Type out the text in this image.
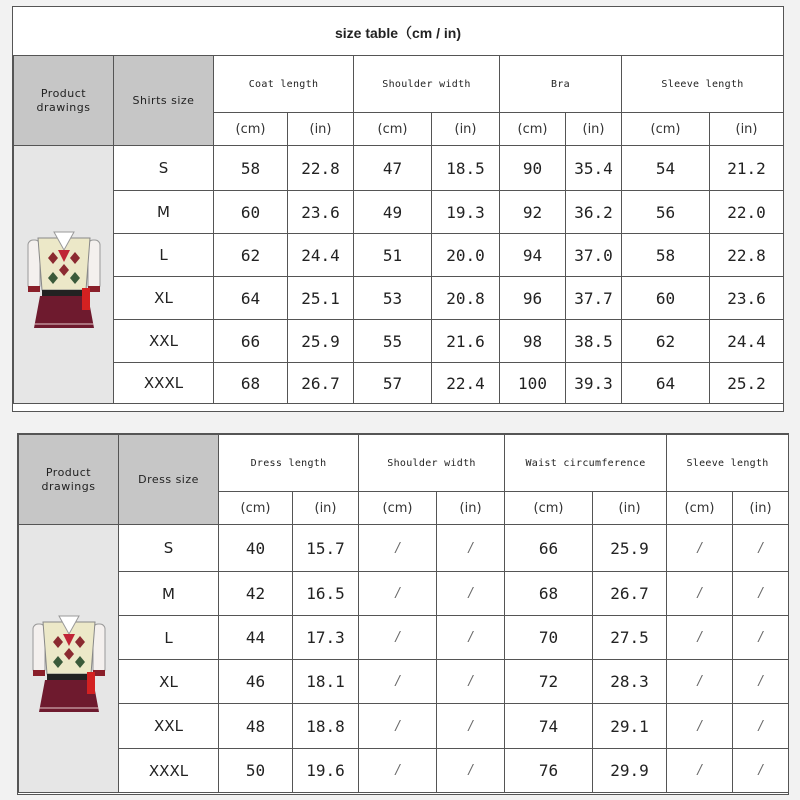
size table（cm / in)
Product
drawings	Shirts size	Coat length		Shoulder width		Bra		Sleeve length	
		(cm)	(in)	(cm)	(in)	(cm)	(in)	(cm)	(in)

	S	58	22.8	47	18.5	90	35.4	54	21.2
	M	60	23.6	49	19.3	92	36.2	56	22.0
	L	62	24.4	51	20.0	94	37.0	58	22.8
	XL	64	25.1	53	20.8	96	37.7	60	23.6
	XXL	66	25.9	55	21.6	98	38.5	62	24.4
	XXXL	68	26.7	57	22.4	100	39.3	64	25.2
Product
drawings	Dress size	Dress length		Shoulder width		Waist circumference		Sleeve length	
		(cm)	(in)	(cm)	(in)	(cm)	(in)	(cm)	(in)

	S	40	15.7	/	/	66	25.9	/	/
	M	42	16.5	/	/	68	26.7	/	/
	L	44	17.3	/	/	70	27.5	/	/
	XL	46	18.1	/	/	72	28.3	/	/
	XXL	48	18.8	/	/	74	29.1	/	/
	XXXL	50	19.6	/	/	76	29.9	/	/
